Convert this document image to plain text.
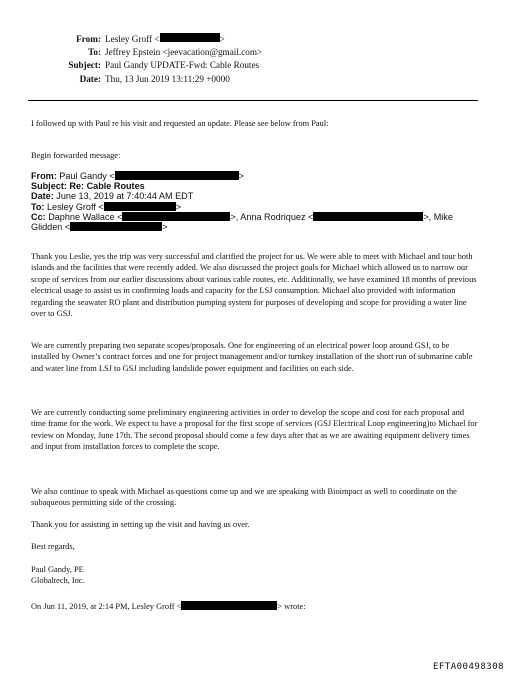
From: Lesley Groff <	>
To: Jeffrey Epstein <jeevacation@gmail.com>
Subject: Paul Gandy UPDATE-Fwd: Cable Routes
Date: Thu, 13 Jun 2019 13:11:29 +0000

I followed up with Paul re his visit and requested an update. Please see below from Paul:

Begin forwarded message:

From: Paul Gandy <	>
Subject: Re: Cable Routes
Date: June 13, 2019 at 7:40:44 AM EDT
To: Lesley Groff <	>
Cc: Daphne Wallace <	>, Anna Rodriquez <	>, Mike
Glidden <	>

Thank you Leslie, yes the trip was very successful and clarified the project for us. We were able to meet with Michael and tour both islands and the facilities that were recently added. We also discussed the project goals for Michael which allowed us to narrow our scope of services from our earlier discussions about various cable routes, etc. Additionally, we have examined 18 months of previous electrical usage to assist us in confirming loads and capacity for the LSJ consumption. Michael also provided with information regarding the seawater RO plant and distribution pumping system for purposes of developing and scope for providing a water line over to GSJ.

We are currently preparing two separate scopes/proposals. One for engineering of an electrical power loop around GSJ, to be installed by Owner’s contract forces and one for project management and/or turnkey installation of the short run of submarine cable and water line from LSJ to GSJ including landslide power equipment and facilities on each side.

We are currently conducting some preliminary engineering activities in order to develop the scope and cost for each proposal and time frame for the work. We expect to have a proposal for the first scope of services (GSJ Electrical Loop engineering)to Michael for review on Monday, June 17th. The second proposal should come a few days after that as we are awaiting equipment delivery times and input from installation forces to complete the scope.

We also continue to speak with Michael as questions come up and we are speaking with Bioimpact as well to coordinate on the subaqueous permitting side of the crossing.

Thank you for assisting in setting up the visit and having us over.

Best regards,

Paul Gandy, PE

Globaltech, Inc.

On Jun 11, 2019, at 2:14 PM, Lesley Groff <	> wrote:

EFTA00498308
